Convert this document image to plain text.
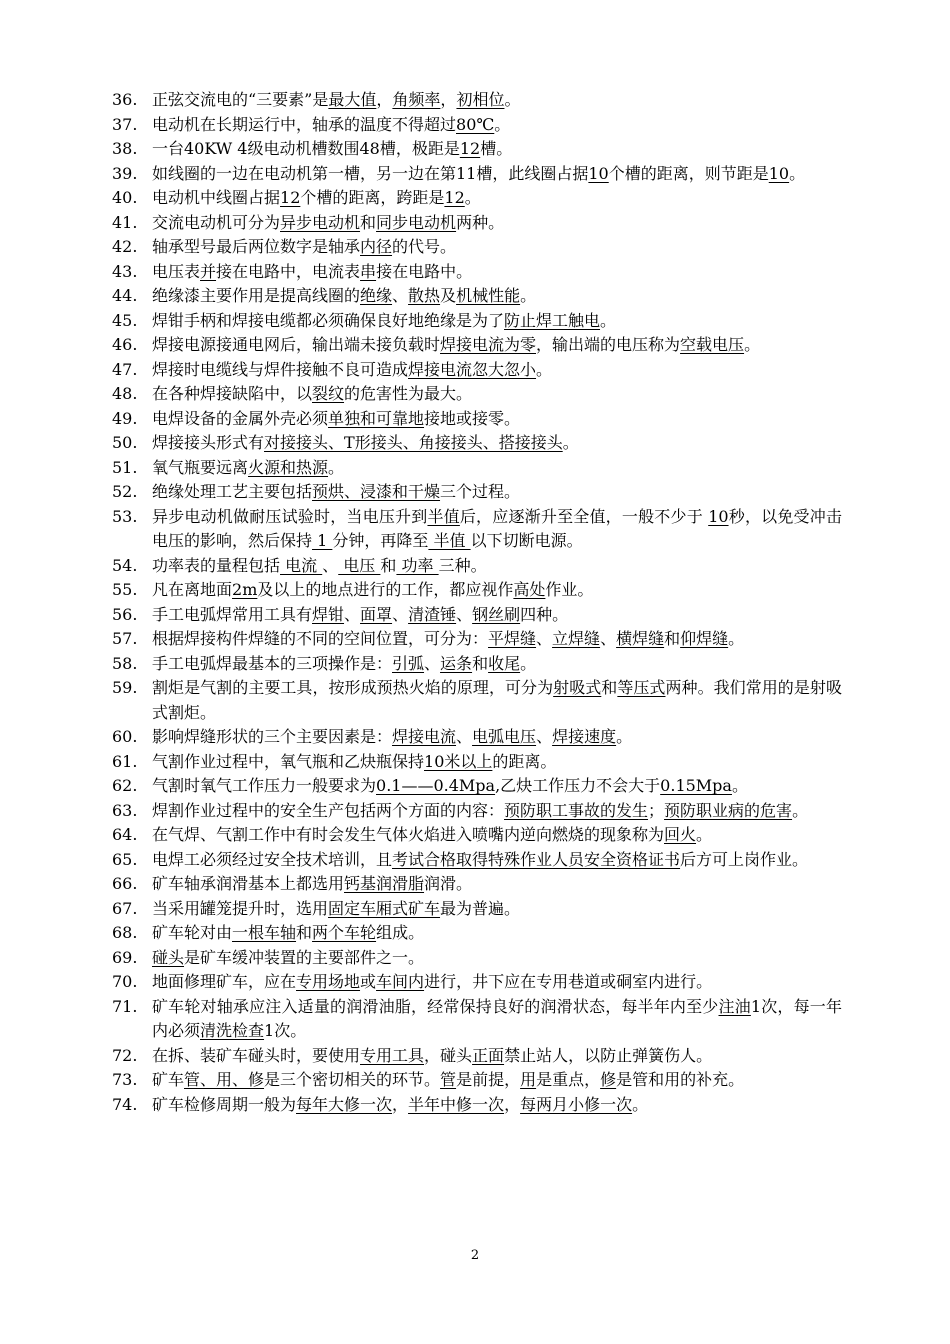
36. 正弦交流电的“三要素”是最大值，角频率，初相位。
37. 电动机在长期运行中，轴承的温度不得超过80℃。
38. 一台40KW 4级电动机槽数围48槽，极距是12槽。
39. 如线圈的一边在电动机第一槽，另一边在第11槽，此线圈占据10个槽的距离，则节距是10。
40. 电动机中线圈占据12个槽的距离，跨距是12。
41. 交流电动机可分为异步电动机和同步电动机两种。
42. 轴承型号最后两位数字是轴承内径的代号。
43. 电压表并接在电路中，电流表串接在电路中。
44. 绝缘漆主要作用是提高线圈的绝缘、散热及机械性能。
45. 焊钳手柄和焊接电缆都必须确保良好地绝缘是为了防止焊工触电。
46. 焊接电源接通电网后，输出端未接负载时焊接电流为零，输出端的电压称为空载电压。
47. 焊接时电缆线与焊件接触不良可造成焊接电流忽大忽小。
48. 在各种焊接缺陷中，以裂纹的危害性为最大。
49. 电焊设备的金属外壳必须单独和可靠地接地或接零。
50. 焊接接头形式有对接接头、T形接头、角接接头、搭接接头。
51. 氧气瓶要远离火源和热源。
52. 绝缘处理工艺主要包括预烘、浸漆和干燥三个过程。
53. 异步电动机做耐压试验时，当电压升到半值后，应逐渐升至全值，一般不少于 10秒，以免受冲击电压的影响，然后保持 1 分钟，再降至 半值 以下切断电源。
54. 功率表的量程包括 电流 、 电压 和 功率 三种。
55. 凡在离地面2m及以上的地点进行的工作，都应视作高处作业。
56. 手工电弧焊常用工具有焊钳、面罩、清渣锤、钢丝刷四种。
57. 根据焊接构件焊缝的不同的空间位置，可分为：平焊缝、立焊缝、横焊缝和仰焊缝。
58. 手工电弧焊最基本的三项操作是：引弧、运条和收尾。
59. 割炬是气割的主要工具，按形成预热火焰的原理，可分为射吸式和等压式两种。我们常用的是射吸式割炬。
60. 影响焊缝形状的三个主要因素是：焊接电流、电弧电压、焊接速度。
61. 气割作业过程中，氧气瓶和乙炔瓶保持10米以上的距离。
62. 气割时氧气工作压力一般要求为0.1——0.4Mpa,乙炔工作压力不会大于0.15Mpa。
63. 焊割作业过程中的安全生产包括两个方面的内容：预防职工事故的发生；预防职业病的危害。
64. 在气焊、气割工作中有时会发生气体火焰进入喷嘴内逆向燃烧的现象称为回火。
65. 电焊工必须经过安全技术培训，且考试合格取得特殊作业人员安全资格证书后方可上岗作业。
66. 矿车轴承润滑基本上都选用钙基润滑脂润滑。
67. 当采用罐笼提升时，选用固定车厢式矿车最为普遍。
68. 矿车轮对由一根车轴和两个车轮组成。
69. 碰头是矿车缓冲装置的主要部件之一。
70. 地面修理矿车，应在专用场地或车间内进行，井下应在专用巷道或硐室内进行。
71. 矿车轮对轴承应注入适量的润滑油脂，经常保持良好的润滑状态，每半年内至少注油1次，每一年内必须清洗检查1次。
72. 在拆、装矿车碰头时，要使用专用工具，碰头正面禁止站人，以防止弹簧伤人。
73. 矿车管、用、修是三个密切相关的环节。管是前提，用是重点，修是管和用的补充。
74. 矿车检修周期一般为每年大修一次，半年中修一次，每两月小修一次。
2
